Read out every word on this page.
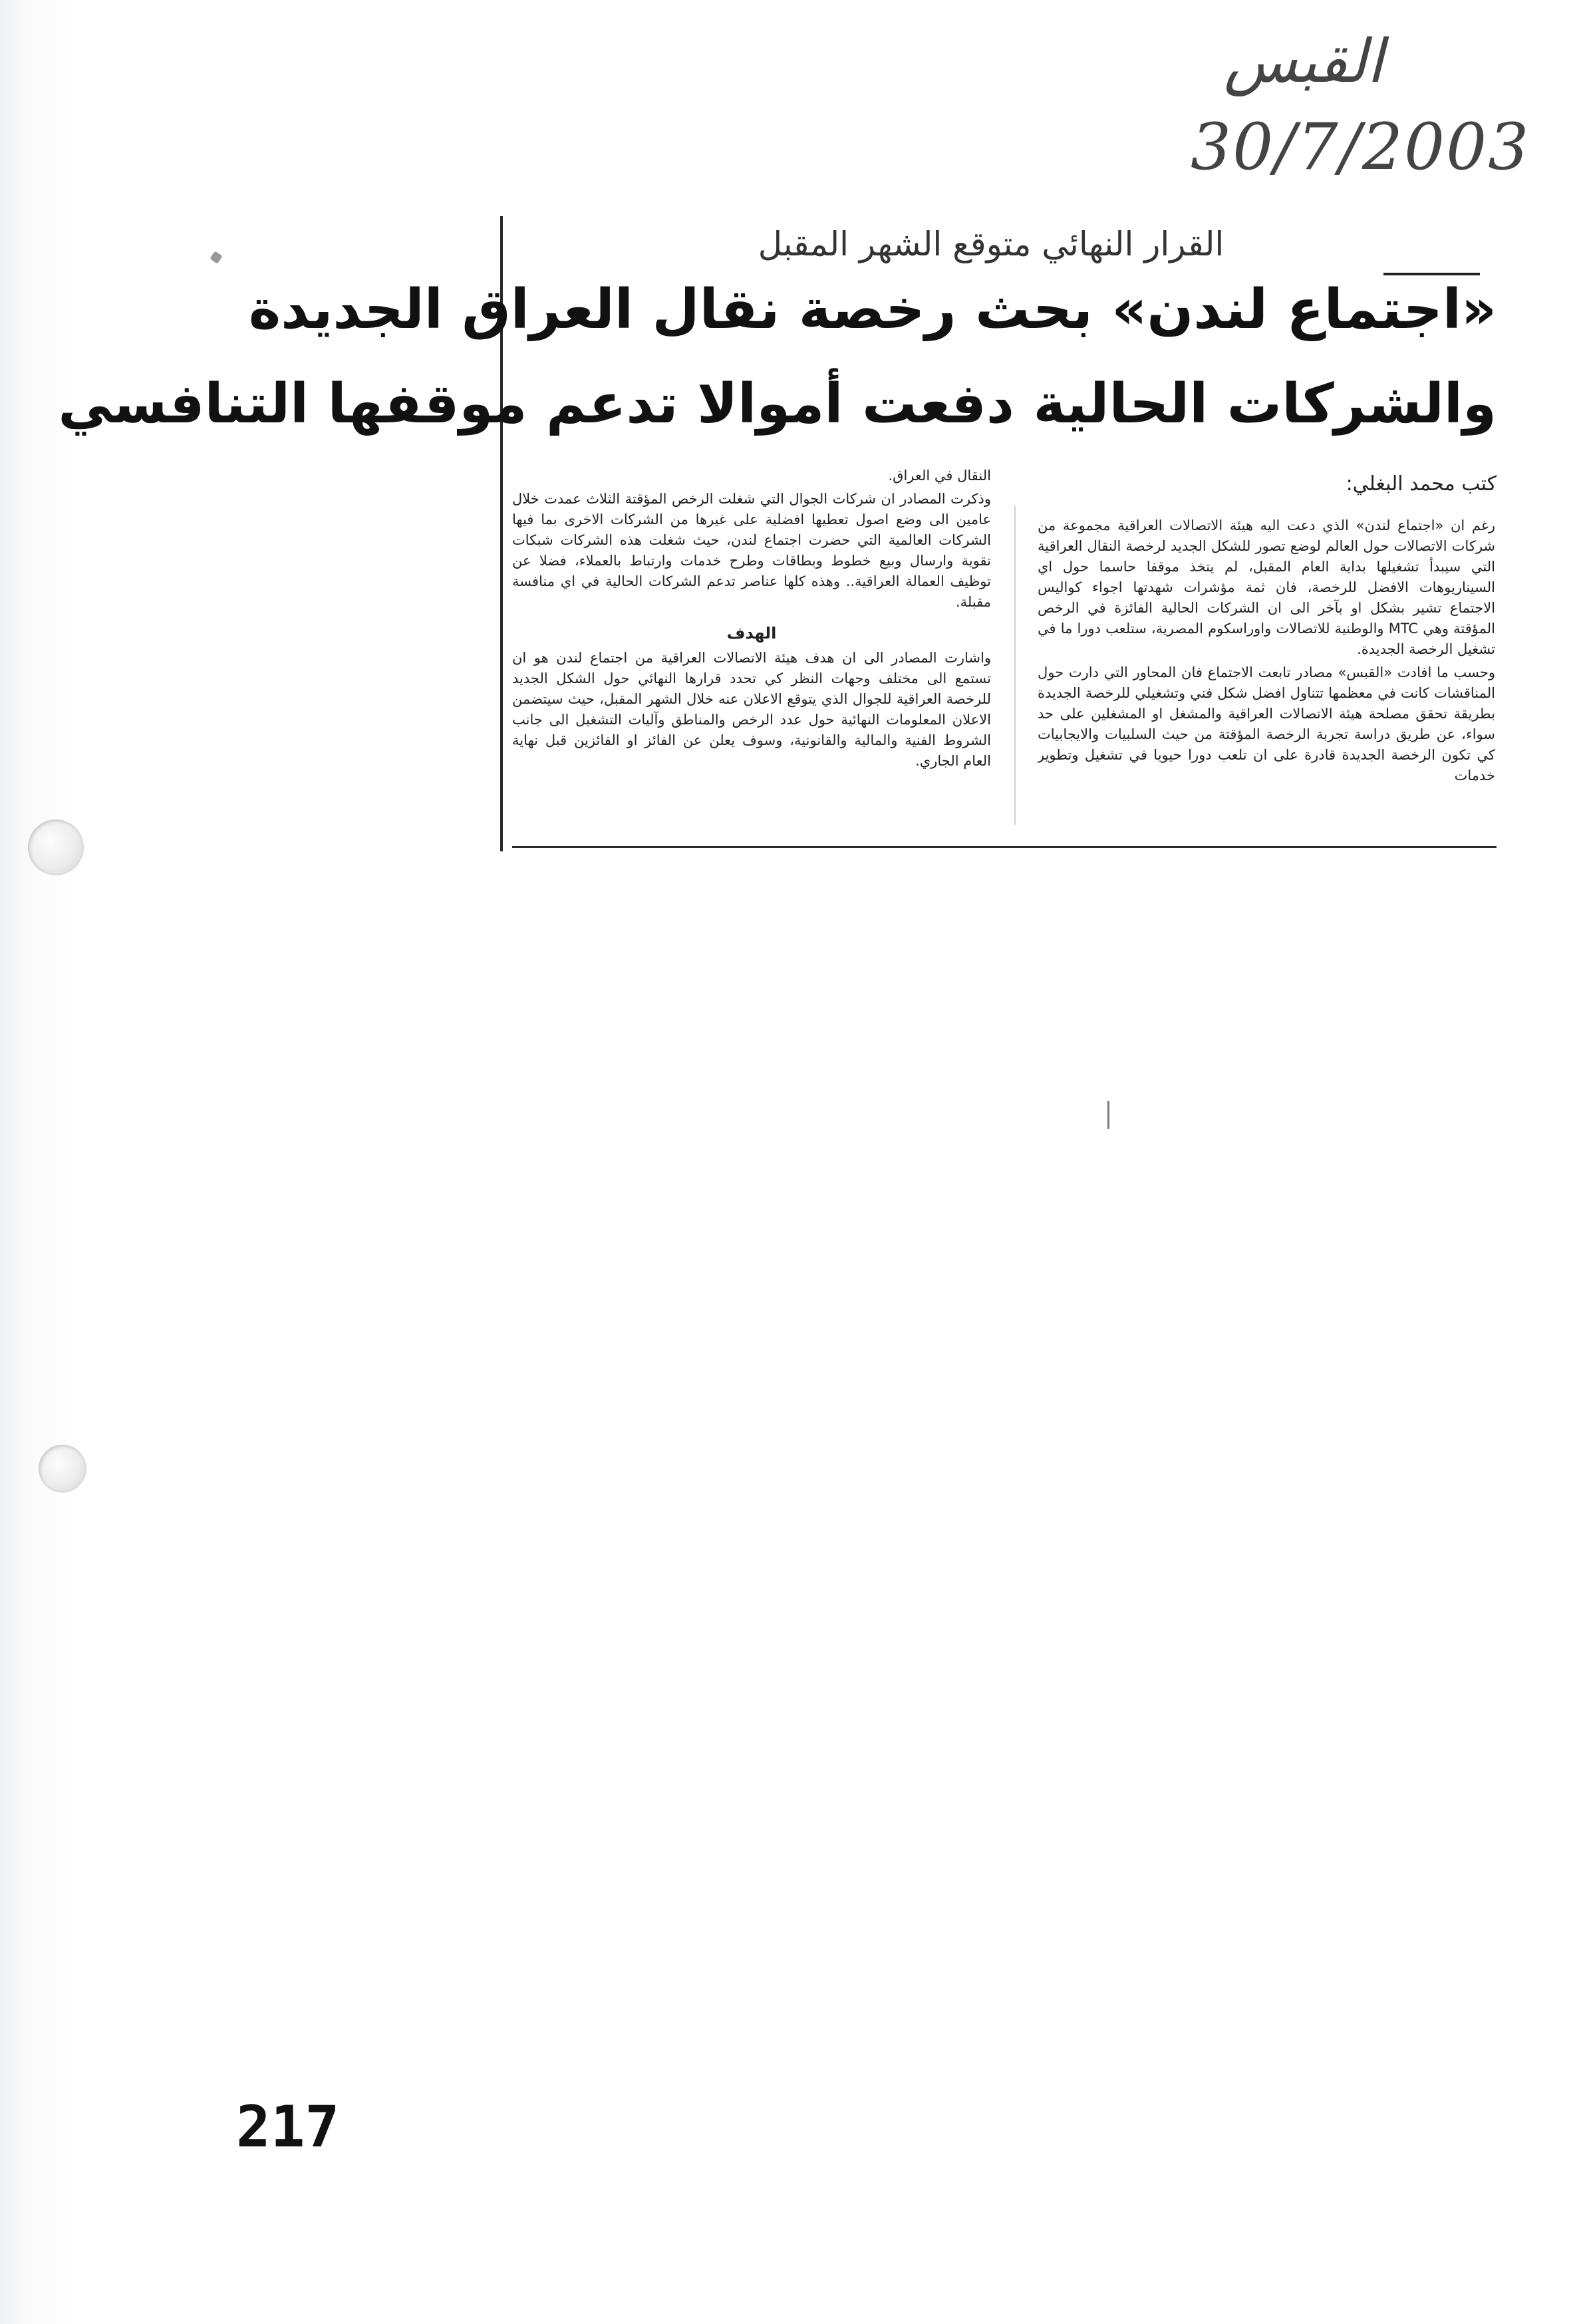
القبس
30/7/2003
القرار النهائي متوقع الشهر المقبل
«اجتماع لندن» بحث رخصة نقال العراق الجديدة
والشركات الحالية دفعت أموالا تدعم موقفها التنافسي
كتب محمد البغلي:

رغم ان «اجتماع لندن» الذي دعت اليه هيئة الاتصالات العراقية مجموعة من شركات الاتصالات حول العالم لوضع تصور للشكل الجديد لرخصة النقال العراقية التي سيبدأ تشغيلها بداية العام المقبل، لم يتخذ موقفا حاسما حول اي السيناريوهات الافضل للرخصة، فان ثمة مؤشرات شهدتها اجواء كواليس الاجتماع تشير بشكل او بآخر الى ان الشركات الحالية الفائزة في الرخص المؤقتة وهي MTC والوطنية للاتصالات واوراسكوم المصرية، ستلعب دورا ما في تشغيل الرخصة الجديدة.

وحسب ما افادت «القبس» مصادر تابعت الاجتماع فان المحاور التي دارت حول المناقشات كانت في معظمها تتناول افضل شكل فني وتشغيلي للرخصة الجديدة بطريقة تحقق مصلحة هيئة الاتصالات العراقية والمشغل او المشغلين على حد سواء، عن طريق دراسة تجربة الرخصة المؤقتة من حيث السلبيات والايجابيات كي تكون الرخصة الجديدة قادرة على ان تلعب دورا حيويا في تشغيل وتطوير خدمات

النقال في العراق.

وذكرت المصادر ان شركات الجوال التي شغلت الرخص المؤقتة الثلاث عمدت خلال عامين الى وضع اصول تعطيها افضلية على غيرها من الشركات الاخرى بما فيها الشركات العالمية التي حضرت اجتماع لندن، حيث شغلت هذه الشركات شبكات تقوية وارسال وبيع خطوط وبطاقات وطرح خدمات وارتباط بالعملاء، فضلا عن توظيف العمالة العراقية.. وهذه كلها عناصر تدعم الشركات الحالية في اي منافسة مقبلة.

الهدف

واشارت المصادر الى ان هدف هيئة الاتصالات العراقية من اجتماع لندن هو ان تستمع الى مختلف وجهات النظر كي تحدد قرارها النهائي حول الشكل الجديد للرخصة العراقية للجوال الذي يتوقع الاعلان عنه خلال الشهر المقبل، حيث سيتضمن الاعلان المعلومات النهائية حول عدد الرخص والمناطق وآليات التشغيل الى جانب الشروط الفنية والمالية والقانونية، وسوف يعلن عن الفائز او الفائزين قبل نهاية العام الجاري.

217
